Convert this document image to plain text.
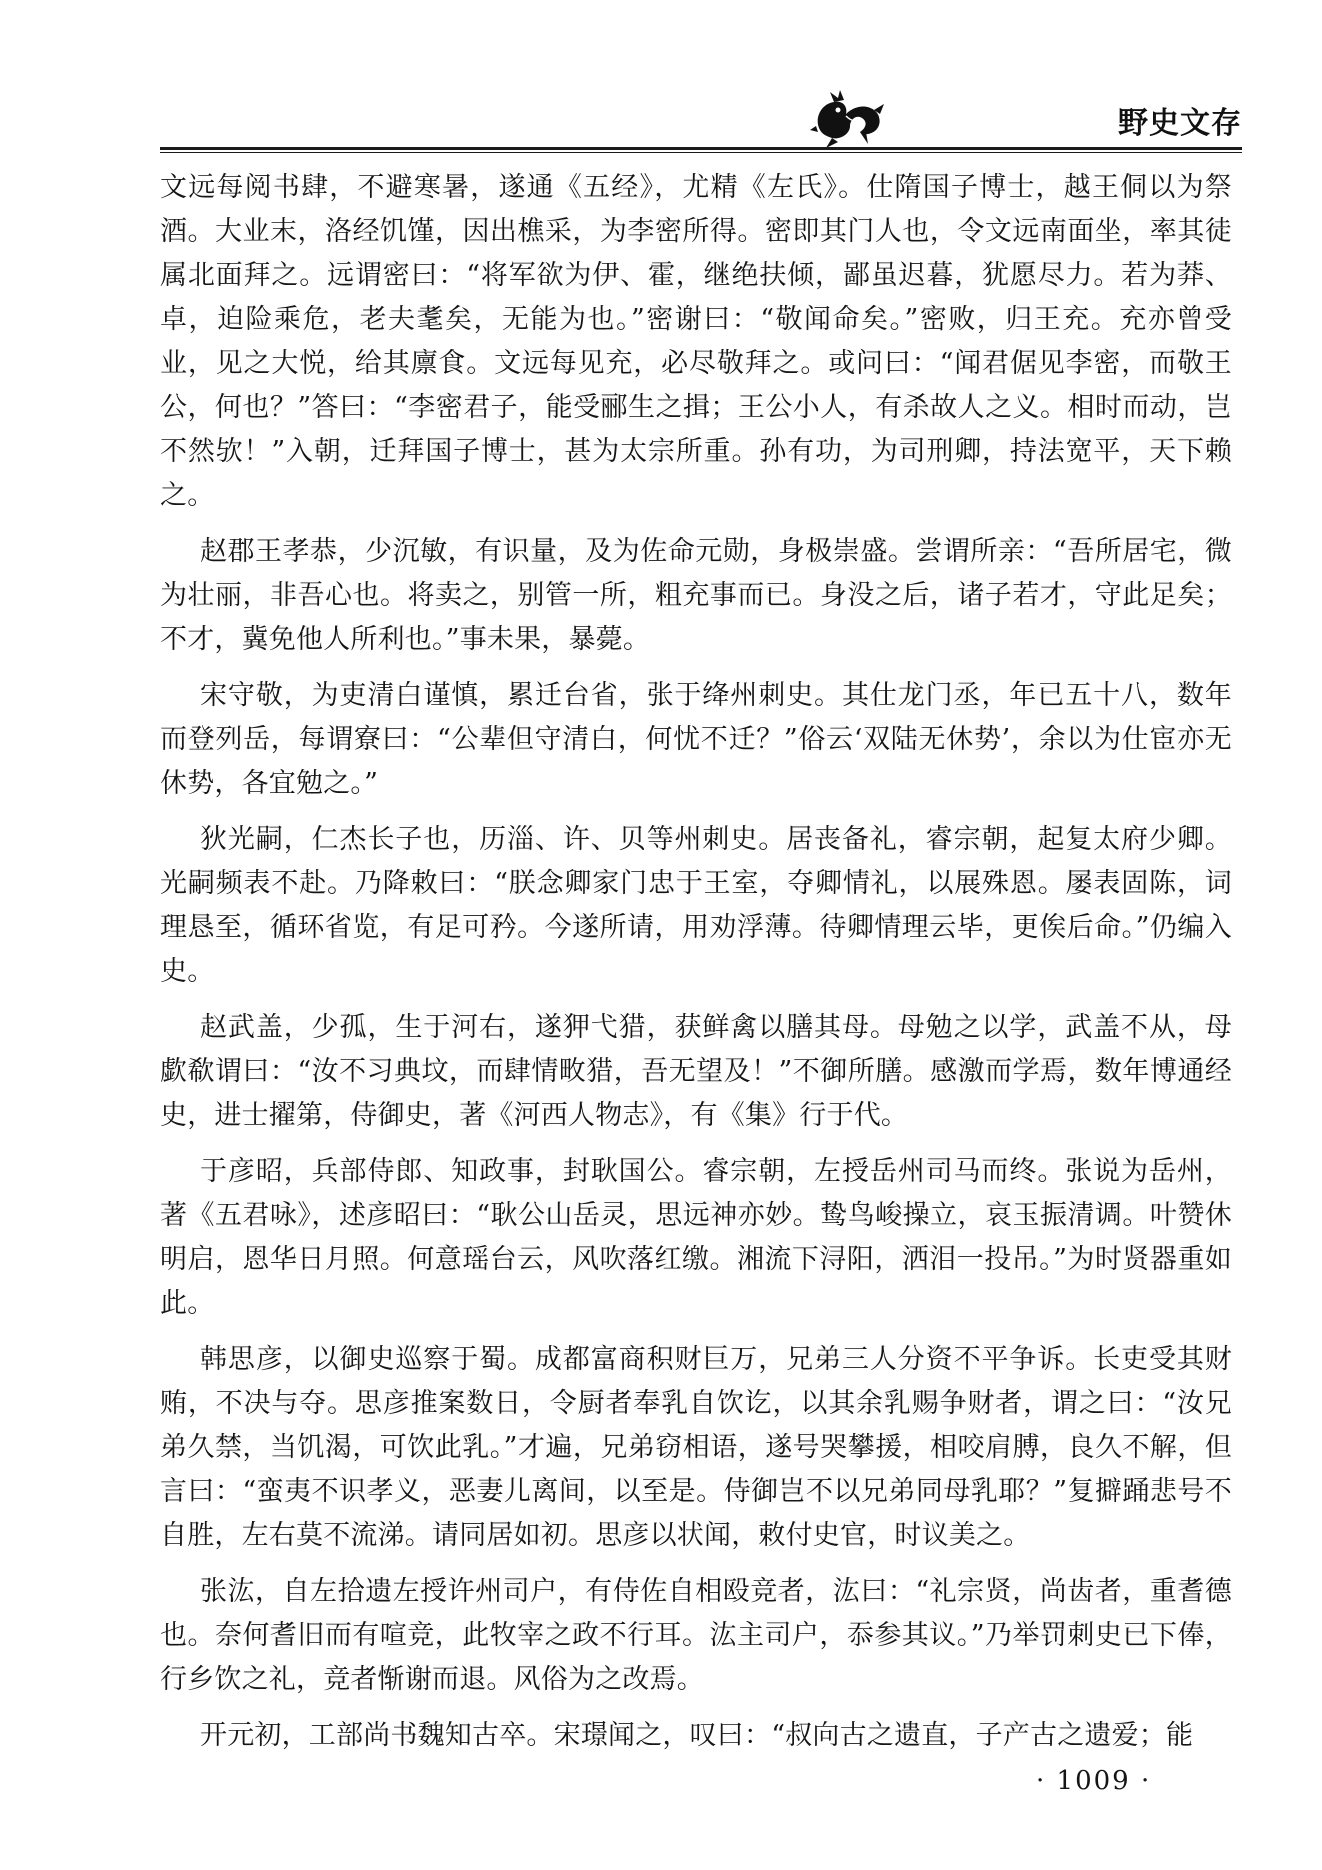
野史文存

文远每阅书肆，不避寒暑，遂通《五经》，尤精《左氏》。仕隋国子博士，越王侗以为祭酒。大业末，洛经饥馑，因出樵采，为李密所得。密即其门人也，令文远南面坐，率其徒属北面拜之。远谓密曰：“将军欲为伊、霍，继绝扶倾，鄙虽迟暮，犹愿尽力。若为莽、卓，迫险乘危，老夫耄矣，无能为也。”密谢曰：“敬闻命矣。”密败，归王充。充亦曾受业，见之大悦，给其廪食。文远每见充，必尽敬拜之。或问曰：“闻君倨见李密，而敬王公，何也？”答曰：“李密君子，能受郦生之揖；王公小人，有杀故人之义。相时而动，岂不然欤！”入朝，迁拜国子博士，甚为太宗所重。孙有功，为司刑卿，持法宽平，天下赖之。

赵郡王孝恭，少沉敏，有识量，及为佐命元勋，身极崇盛。尝谓所亲：“吾所居宅，微为壮丽，非吾心也。将卖之，别管一所，粗充事而已。身没之后，诸子若才，守此足矣；不才，冀免他人所利也。”事未果，暴薨。

宋守敬，为吏清白谨慎，累迁台省，张于绛州刺史。其仕龙门丞，年已五十八，数年而登列岳，每谓寮曰：“公辈但守清白，何忧不迁？”俗云‘双陆无休势’，余以为仕宦亦无休势，各宜勉之。”

狄光嗣，仁杰长子也，历淄、许、贝等州刺史。居丧备礼，睿宗朝，起复太府少卿。光嗣频表不赴。乃降敕曰：“朕念卿家门忠于王室，夺卿情礼，以展殊恩。屡表固陈，词理恳至，循环省览，有足可矜。今遂所请，用劝浮薄。待卿情理云毕，更俟后命。”仍编入史。

赵武盖，少孤，生于河右，遂狎弋猎，获鲜禽以膳其母。母勉之以学，武盖不从，母歔欷谓曰：“汝不习典坟，而肆情畋猎，吾无望及！”不御所膳。感激而学焉，数年博通经史，进士擢第，侍御史，著《河西人物志》，有《集》行于代。

于彦昭，兵部侍郎、知政事，封耿国公。睿宗朝，左授岳州司马而终。张说为岳州，著《五君咏》，述彦昭曰：“耿公山岳灵，思远神亦妙。鸷鸟峻操立，哀玉振清调。叶赞休明启，恩华日月照。何意瑶台云，风吹落红缴。湘流下浔阳，洒泪一投吊。”为时贤器重如此。

韩思彦，以御史巡察于蜀。成都富商积财巨万，兄弟三人分资不平争诉。长吏受其财贿，不决与夺。思彦推案数日，令厨者奉乳自饮讫，以其余乳赐争财者，谓之曰：“汝兄弟久禁，当饥渴，可饮此乳。”才遍，兄弟窃相语，遂号哭攀援，相咬肩膊，良久不解，但言曰：“蛮夷不识孝义，恶妻儿离间，以至是。侍御岂不以兄弟同母乳耶？”复擗踊悲号不自胜，左右莫不流涕。请同居如初。思彦以状闻，敕付史官，时议美之。

张汯，自左拾遗左授许州司户，有侍佐自相殴竞者，汯曰：“礼宗贤，尚齿者，重耆德也。奈何耆旧而有喧竞，此牧宰之政不行耳。汯主司户，忝参其议。”乃举罚刺史已下俸，行乡饮之礼，竞者惭谢而退。风俗为之改焉。

开元初，工部尚书魏知古卒。宋璟闻之，叹曰：“叔向古之遗直，子产古之遗爱；能

· 1009 ·
